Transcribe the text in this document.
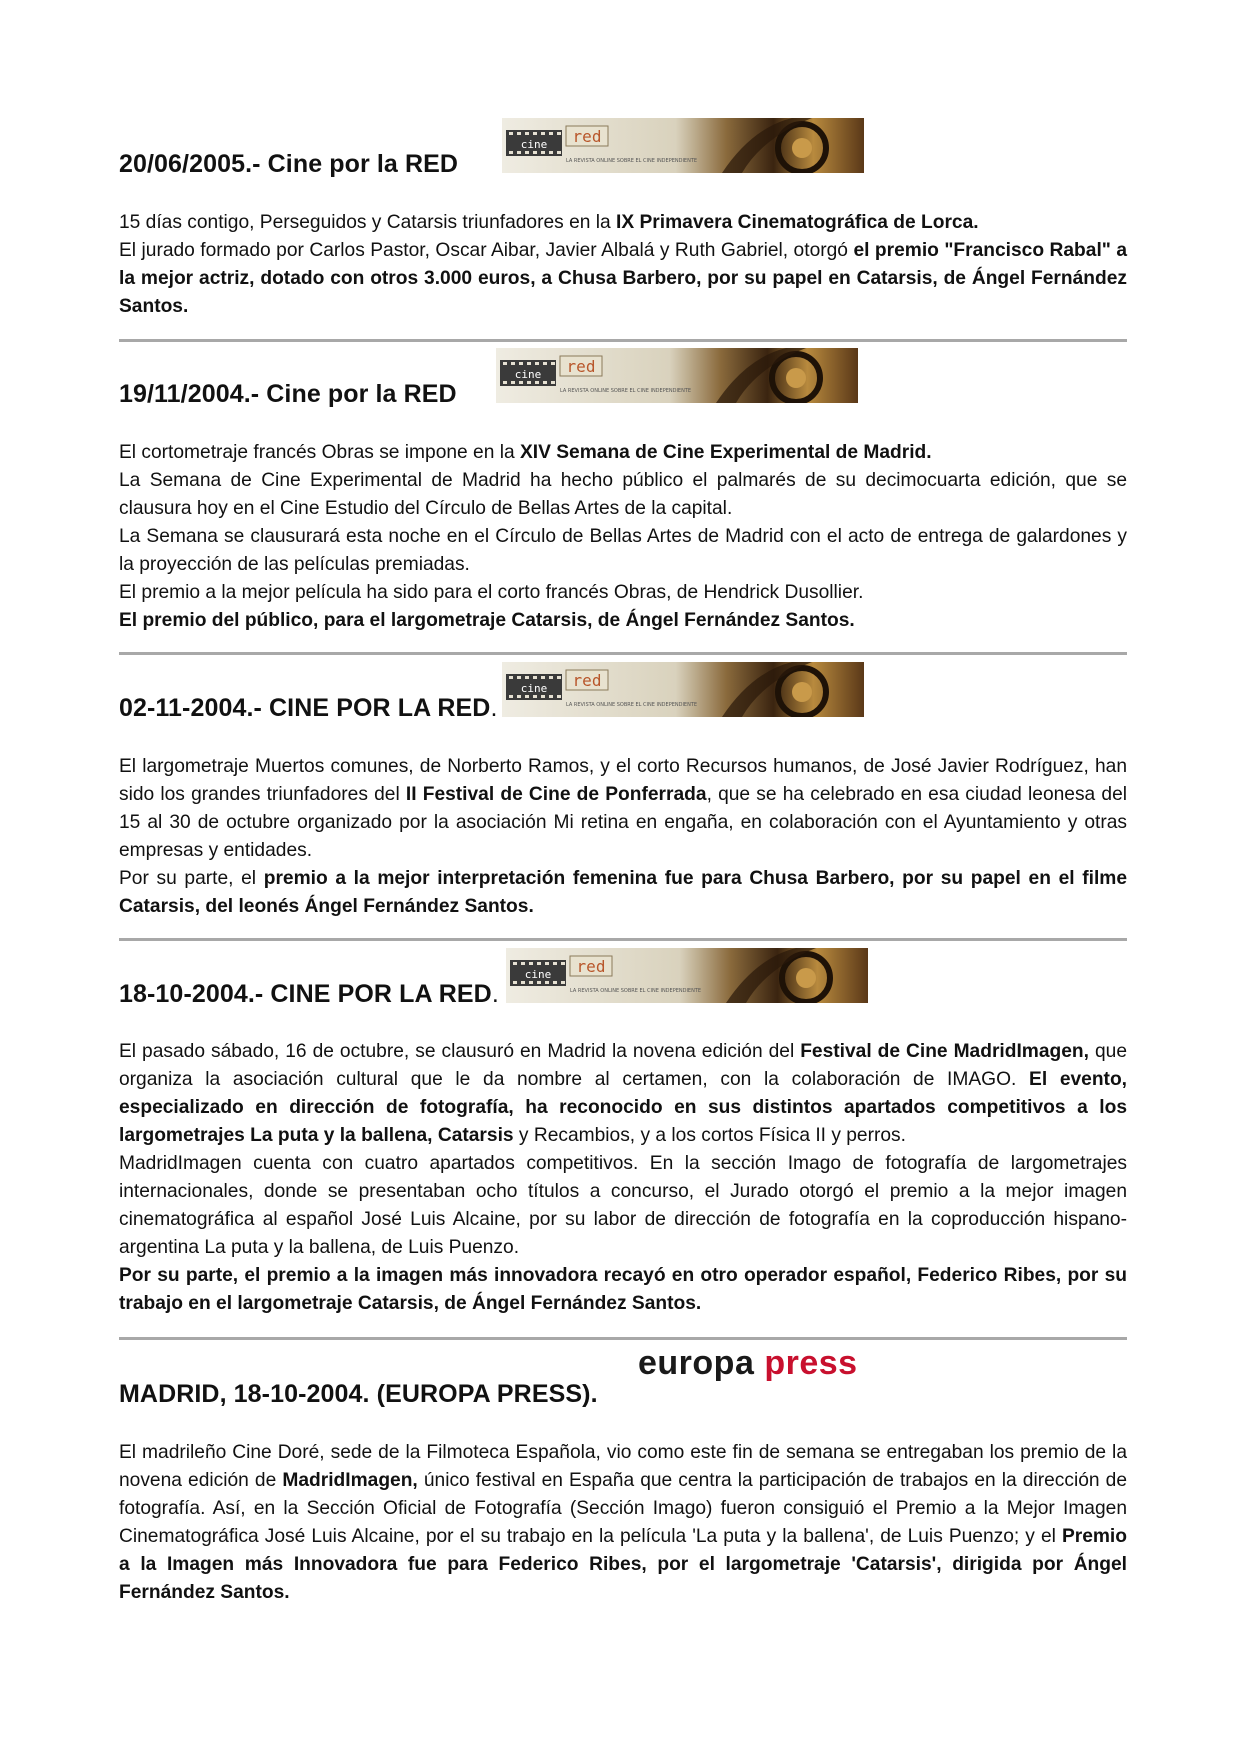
cine red
LA REVISTA ONLINE SOBRE EL CINE INDEPENDIENTE
20/06/2005.- Cine por la RED

15 días contigo, Perseguidos y Catarsis triunfadores en la IX Primavera Cinematográfica de Lorca.

El jurado formado por Carlos Pastor, Oscar Aibar, Javier Albalá y Ruth Gabriel, otorgó el premio "Francisco Rabal" a la mejor actriz, dotado con otros 3.000 euros, a Chusa Barbero, por su papel en Catarsis, de Ángel Fernández Santos.

cine red
LA REVISTA ONLINE SOBRE EL CINE INDEPENDIENTE
19/11/2004.- Cine por la RED

El cortometraje francés Obras se impone en la XIV Semana de Cine Experimental de Madrid.

La Semana de Cine Experimental de Madrid ha hecho público el palmarés de su decimocuarta edición, que se clausura hoy en el Cine Estudio del Círculo de Bellas Artes de la capital.

La Semana se clausurará esta noche en el Círculo de Bellas Artes de Madrid con el acto de entrega de galardones y la proyección de las películas premiadas.

El premio a la mejor película ha sido para el corto francés Obras, de Hendrick Dusollier.

El premio del público, para el largometraje Catarsis, de Ángel Fernández Santos.

cine red
LA REVISTA ONLINE SOBRE EL CINE INDEPENDIENTE
02-11-2004.- CINE POR LA RED.

El largometraje Muertos comunes, de Norberto Ramos, y el corto Recursos humanos, de José Javier Rodríguez, han sido los grandes triunfadores del II Festival de Cine de Ponferrada, que se ha celebrado en esa ciudad leonesa del 15 al 30 de octubre organizado por la asociación Mi retina en engaña, en colaboración con el Ayuntamiento y otras empresas y entidades.

Por su parte, el premio a la mejor interpretación femenina fue para Chusa Barbero, por su papel en el filme Catarsis, del leonés Ángel Fernández Santos.

cine red
LA REVISTA ONLINE SOBRE EL CINE INDEPENDIENTE
18-10-2004.- CINE POR LA RED.

El pasado sábado, 16 de octubre, se clausuró en Madrid la novena edición del Festival de Cine MadridImagen, que organiza la asociación cultural que le da nombre al certamen, con la colaboración de IMAGO. El evento, especializado en dirección de fotografía, ha reconocido en sus distintos apartados competitivos a los largometrajes La puta y la ballena, Catarsis y Recambios, y a los cortos Física II y perros.

MadridImagen cuenta con cuatro apartados competitivos. En la sección Imago de fotografía de largometrajes internacionales, donde se presentaban ocho títulos a concurso, el Jurado otorgó el premio a la mejor imagen cinematográfica al español José Luis Alcaine, por su labor de dirección de fotografía en la coproducción hispano-argentina La puta y la ballena, de Luis Puenzo.

Por su parte, el premio a la imagen más innovadora recayó en otro operador español, Federico Ribes, por su trabajo en el largometraje Catarsis, de Ángel Fernández Santos.

europa press
MADRID, 18-10-2004. (EUROPA PRESS).

El madrileño Cine Doré, sede de la Filmoteca Española, vio como este fin de semana se entregaban los premio de la novena edición de MadridImagen, único festival en España que centra la participación de trabajos en la dirección de fotografía. Así, en la Sección Oficial de Fotografía (Sección Imago) fueron consiguió el Premio a la Mejor Imagen Cinematográfica José Luis Alcaine, por el su trabajo en la película 'La puta y la ballena', de Luis Puenzo; y el Premio a la Imagen más Innovadora fue para Federico Ribes, por el largometraje 'Catarsis', dirigida por Ángel Fernández Santos.
